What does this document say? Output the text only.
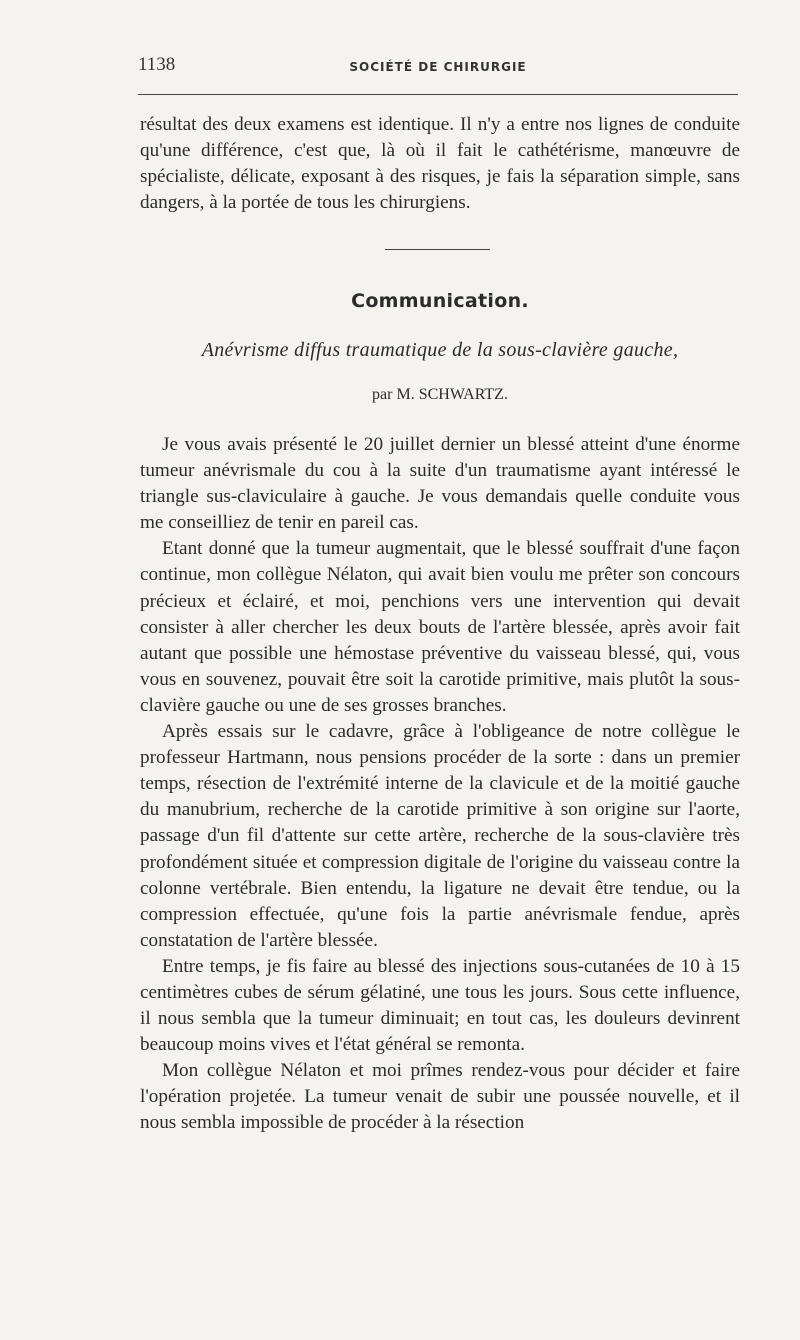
1138	SOCIÉTÉ DE CHIRURGIE

résultat des deux examens est identique. Il n'y a entre nos lignes de conduite qu'une différence, c'est que, là où il fait le cathétérisme, manœuvre de spécialiste, délicate, exposant à des risques, je fais la séparation simple, sans dangers, à la portée de tous les chirurgiens.

Communication.
Anévrisme diffus traumatique de la sous-clavière gauche,
par M. SCHWARTZ.

Je vous avais présenté le 20 juillet dernier un blessé atteint d'une énorme tumeur anévrismale du cou à la suite d'un traumatisme ayant intéressé le triangle sus-claviculaire à gauche. Je vous demandais quelle conduite vous me conseilliez de tenir en pareil cas.

Etant donné que la tumeur augmentait, que le blessé souffrait d'une façon continue, mon collègue Nélaton, qui avait bien voulu me prêter son concours précieux et éclairé, et moi, penchions vers une intervention qui devait consister à aller chercher les deux bouts de l'artère blessée, après avoir fait autant que possible une hémostase préventive du vaisseau blessé, qui, vous vous en souvenez, pouvait être soit la carotide primitive, mais plutôt la sous-clavière gauche ou une de ses grosses branches.

Après essais sur le cadavre, grâce à l'obligeance de notre collègue le professeur Hartmann, nous pensions procéder de la sorte : dans un premier temps, résection de l'extrémité interne de la clavicule et de la moitié gauche du manubrium, recherche de la carotide primitive à son origine sur l'aorte, passage d'un fil d'attente sur cette artère, recherche de la sous-clavière très profondément située et compression digitale de l'origine du vaisseau contre la colonne vertébrale. Bien entendu, la ligature ne devait être tendue, ou la compression effectuée, qu'une fois la partie anévrismale fendue, après constatation de l'artère blessée.

Entre temps, je fis faire au blessé des injections sous-cutanées de 10 à 15 centimètres cubes de sérum gélatiné, une tous les jours. Sous cette influence, il nous sembla que la tumeur diminuait; en tout cas, les douleurs devinrent beaucoup moins vives et l'état général se remonta.

Mon collègue Nélaton et moi prîmes rendez-vous pour décider et faire l'opération projetée. La tumeur venait de subir une poussée nouvelle, et il nous sembla impossible de procéder à la résection
